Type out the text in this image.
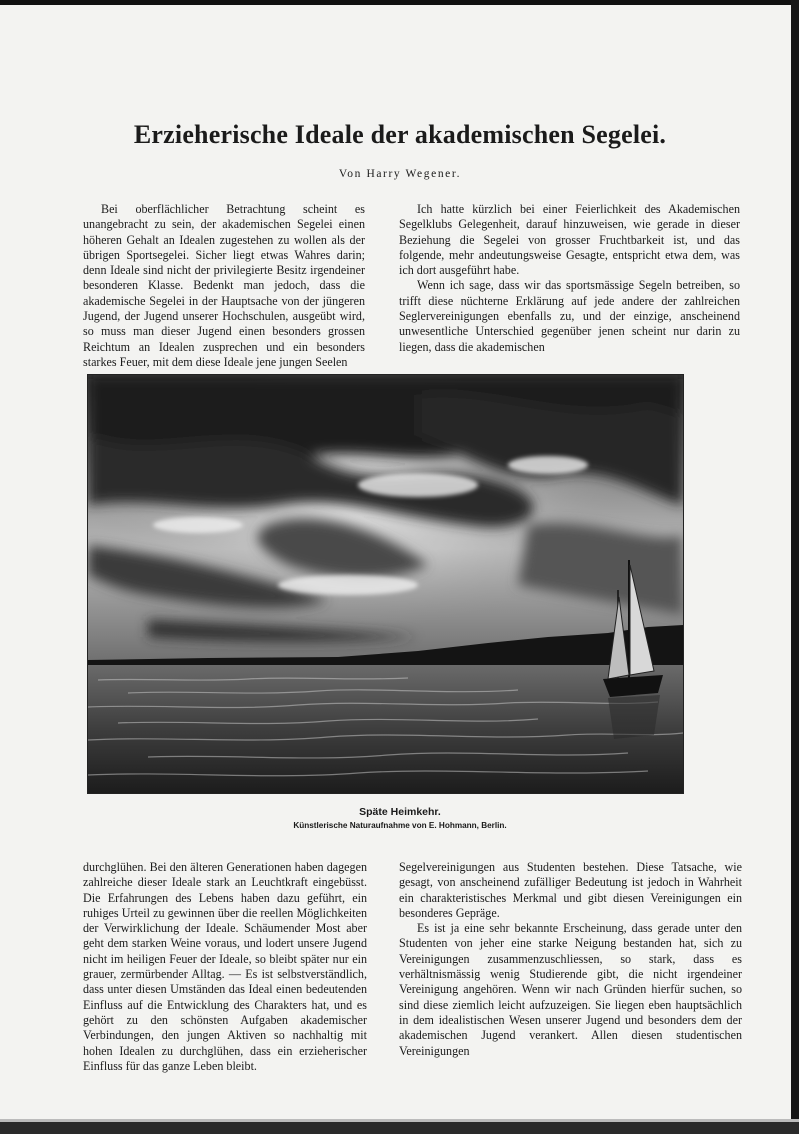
Erzieherische Ideale der akademischen Segelei.

Von Harry Wegener.

Bei oberflächlicher Betrachtung scheint es unangebracht zu sein, der akademischen Segelei einen höheren Gehalt an Idealen zugestehen zu wollen als der übrigen Sportsegelei. Sicher liegt etwas Wahres darin; denn Ideale sind nicht der privilegierte Besitz irgendeiner besonderen Klasse. Bedenkt man jedoch, dass die akademische Segelei in der Hauptsache von der jüngeren Jugend, der Jugend unserer Hochschulen, ausgeübt wird, so muss man dieser Jugend einen besonders grossen Reichtum an Idealen zusprechen und ein besonders starkes Feuer, mit dem diese Ideale jene jungen Seelen

Ich hatte kürzlich bei einer Feierlichkeit des Akademischen Segelklubs Gelegenheit, darauf hinzuweisen, wie gerade in dieser Beziehung die Segelei von grosser Fruchtbarkeit ist, und das folgende, mehr andeutungsweise Gesagte, entspricht etwa dem, was ich dort ausgeführt habe.

Wenn ich sage, dass wir das sportsmässige Segeln betreiben, so trifft diese nüchterne Erklärung auf jede andere der zahlreichen Seglervereinigungen ebenfalls zu, und der einzige, anscheinend unwesentliche Unterschied gegenüber jenen scheint nur darin zu liegen, dass die akademischen

Späte Heimkehr.
Künstlerische Naturaufnahme von E. Hohmann, Berlin.

durchglühen. Bei den älteren Generationen haben dagegen zahlreiche dieser Ideale stark an Leuchtkraft eingebüsst. Die Erfahrungen des Lebens haben dazu geführt, ein ruhiges Urteil zu gewinnen über die reellen Möglichkeiten der Verwirklichung der Ideale. Schäumender Most aber geht dem starken Weine voraus, und lodert unsere Jugend nicht im heiligen Feuer der Ideale, so bleibt später nur ein grauer, zermürbender Alltag. — Es ist selbstverständlich, dass unter diesen Umständen das Ideal einen bedeutenden Einfluss auf die Entwicklung des Charakters hat, und es gehört zu den schönsten Aufgaben akademischer Verbindungen, den jungen Aktiven so nachhaltig mit hohen Idealen zu durchglühen, dass ein erzieherischer Einfluss für das ganze Leben bleibt.

Segelvereinigungen aus Studenten bestehen. Diese Tatsache, wie gesagt, von anscheinend zufälliger Bedeutung ist jedoch in Wahrheit ein charakteristisches Merkmal und gibt diesen Vereinigungen ein besonderes Gepräge.

Es ist ja eine sehr bekannte Erscheinung, dass gerade unter den Studenten von jeher eine starke Neigung bestanden hat, sich zu Vereinigungen zusammenzuschliessen, so stark, dass es verhältnismässig wenig Studierende gibt, die nicht irgendeiner Vereinigung angehören. Wenn wir nach Gründen hierfür suchen, so sind diese ziemlich leicht aufzuzeigen. Sie liegen eben hauptsächlich in dem idealistischen Wesen unserer Jugend und besonders dem der akademischen Jugend verankert. Allen diesen studentischen Vereinigungen
